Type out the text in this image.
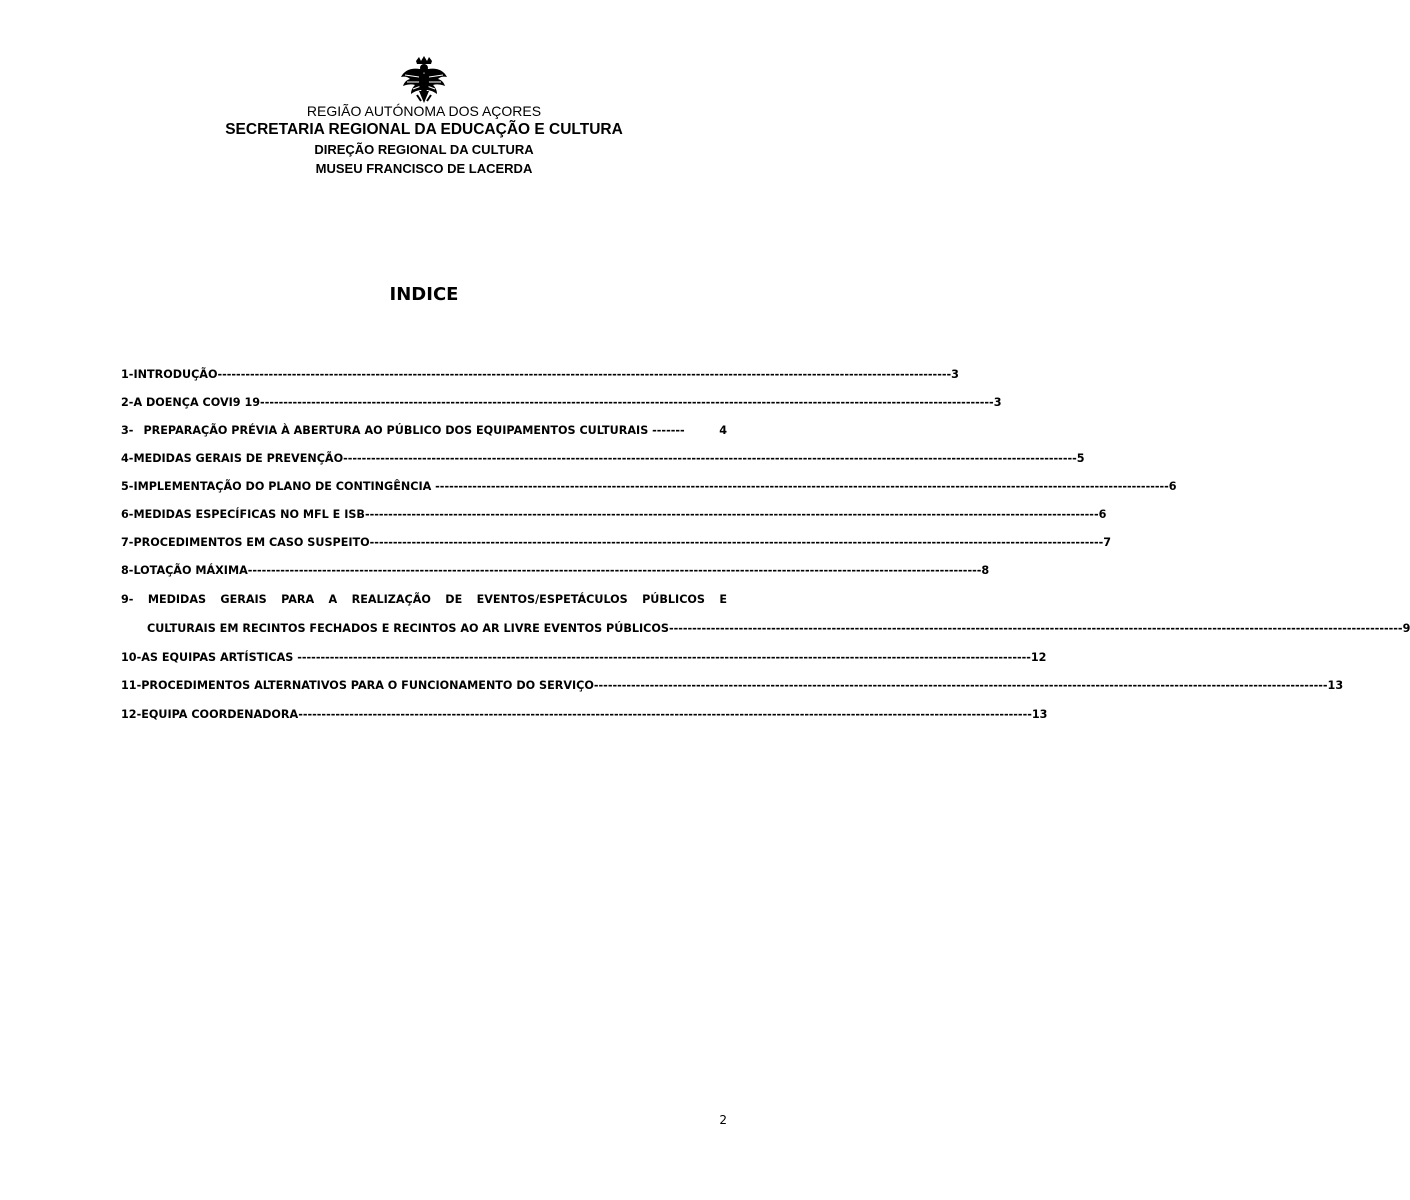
REGIÃO AUTÓNOMA DOS AÇORES
SECRETARIA REGIONAL DA EDUCAÇÃO E CULTURA
DIREÇÃO REGIONAL DA CULTURA
MUSEU FRANCISCO DE LACERDA
INDICE
1- INTRODUÇÃO -------------------------------------------------------------------------------------------------------------------------------------------------------------- 3
2- A DOENÇA COVI9 19 -------------------------------------------------------------------------------------------------------------------------------------------------------------- 3
3- PREPARAÇÃO PRÉVIA À ABERTURA AO PÚBLICO DOS EQUIPAMENTOS CULTURAIS -------	4
4- MEDIDAS GERAIS DE PREVENÇÃO -------------------------------------------------------------------------------------------------------------------------------------------------------------- 5
5- IMPLEMENTAÇÃO DO PLANO DE CONTINGÊNCIA -------------------------------------------------------------------------------------------------------------------------------------------------------------- 6
6- MEDIDAS ESPECÍFICAS NO MFL E ISB -------------------------------------------------------------------------------------------------------------------------------------------------------------- 6
7- PROCEDIMENTOS EM CASO SUSPEITO -------------------------------------------------------------------------------------------------------------------------------------------------------------- 7
8- LOTAÇÃO MÁXIMA -------------------------------------------------------------------------------------------------------------------------------------------------------------- 8
9- MEDIDAS GERAIS PARA A REALIZAÇÃO DE EVENTOS/ESPETÁCULOS PÚBLICOS E
CULTURAIS EM RECINTOS FECHADOS E RECINTOS AO AR LIVRE EVENTOS PÚBLICOS -------------------------------------------------------------------------------------------------------------------------------------------------------------- 9
10- AS EQUIPAS ARTÍSTICAS -------------------------------------------------------------------------------------------------------------------------------------------------------------- 12
11- PROCEDIMENTOS ALTERNATIVOS PARA O FUNCIONAMENTO DO SERVIÇO -------------------------------------------------------------------------------------------------------------------------------------------------------------- 13
12- EQUIPA COORDENADORA -------------------------------------------------------------------------------------------------------------------------------------------------------------- 13
2
